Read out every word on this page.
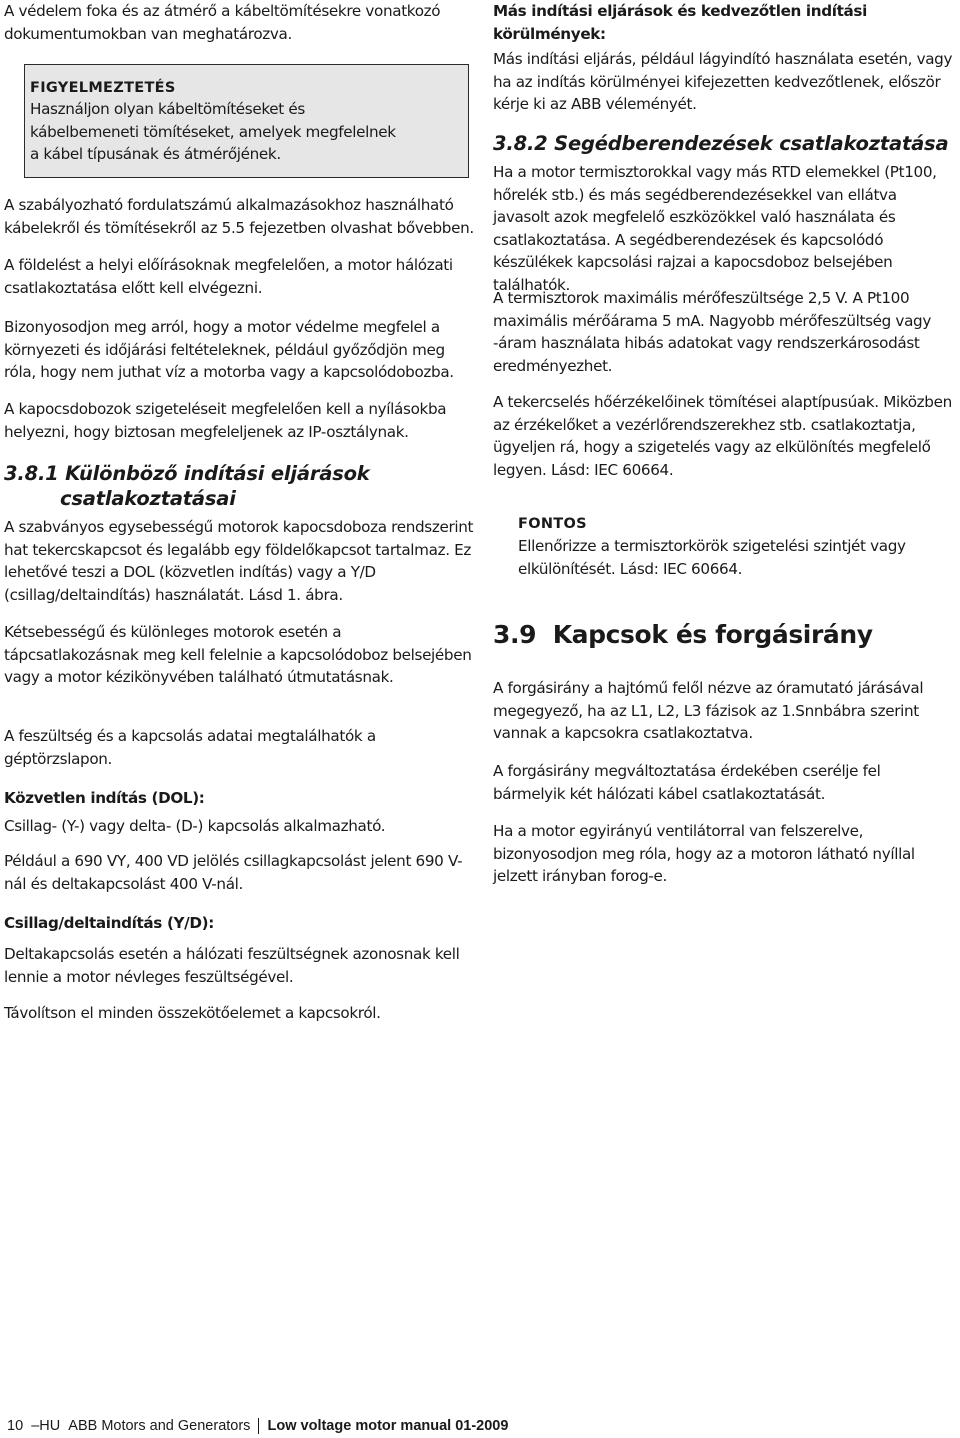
A védelem foka és az átmérő a kábeltömítésekre vonatkozó dokumentumokban van meghatározva.

FIGYELMEZTETÉS

Használjon olyan kábeltömítéseket és

kábelbemeneti tömítéseket, amelyek megfelelnek

a kábel típusának és átmérőjének.

A szabályozható fordulatszámú alkalmazásokhoz használható kábelekről és tömítésekről az 5.5 fejezetben olvashat bővebben.

A földelést a helyi előírásoknak megfelelően, a motor hálózati csatlakoztatása előtt kell elvégezni.

Bizonyosodjon meg arról, hogy a motor védelme megfelel a környezeti és időjárási feltételeknek, például győződjön meg róla, hogy nem juthat víz a motorba vagy a kapcsolódobozba.

A kapocsdobozok szigeteléseit megfelelően kell a nyílásokba helyezni, hogy biztosan megfeleljenek az IP-osztálynak.

3.8.1 Különböző indítási eljárások

csatlakoztatásai

A szabványos egysebességű motorok kapocsdoboza rendszerint hat tekercskapcsot és legalább egy földelőkapcsot tartalmaz. Ez lehetővé teszi a DOL (közvetlen indítás) vagy a Y/D (csillag/deltaindítás) használatát. Lásd 1. ábra.

Kétsebességű és különleges motorok esetén a tápcsatlakozásnak meg kell felelnie a kapcsolódoboz belsejében vagy a motor kézikönyvében található útmutatásnak.

A feszültség és a kapcsolás adatai megtalálhatók a géptörzslapon.

Közvetlen indítás (DOL):

Csillag- (Y-) vagy delta- (D-) kapcsolás alkalmazható.

Például a 690 VY, 400 VD jelölés csillagkapcsolást jelent 690 V-nál és deltakapcsolást 400 V-nál.

Csillag/deltaindítás (Y/D):

Deltakapcsolás esetén a hálózati feszültségnek azonosnak kell lennie a motor névleges feszültségével.

Távolítson el minden összekötőelemet a kapcsokról.

Más indítási eljárások és kedvezőtlen indítási körülmények:

Más indítási eljárás, például lágyindító használata esetén, vagy ha az indítás körülményei kifejezetten kedvezőtlenek, először kérje ki az ABB véleményét.

3.8.2 Segédberendezések csatlakoztatása

Ha a motor termisztorokkal vagy más RTD elemekkel (Pt100, hőrelék stb.) és más segédberendezésekkel van ellátva javasolt azok megfelelő eszközökkel való használata és csatlakoztatása. A segédberendezések és kapcsolódó készülékek kapcsolási rajzai a kapocsdoboz belsejében találhatók.

A termisztorok maximális mérőfeszültsége 2,5 V. A Pt100 maximális mérőárama 5 mA. Nagyobb mérőfeszültség vagy -áram használata hibás adatokat vagy rendszerkárosodást eredményezhet.

A tekercselés hőérzékelőinek tömítései alaptípusúak. Miközben az érzékelőket a vezérlőrendszerekhez stb. csatlakoztatja, ügyeljen rá, hogy a szigetelés vagy az elkülönítés megfelelő legyen. Lásd: IEC 60664.

FONTOS

Ellenőrizze a termisztorkörök szigetelési szintjét vagy elkülönítését. Lásd: IEC 60664.

3.9 Kapcsok és forgásirány

A forgásirány a hajtómű felől nézve az óramutató járásával megegyező, ha az L1, L2, L3 fázisok az 1.Snnbábra szerint vannak a kapcsokra csatlakoztatva.

A forgásirány megváltoztatása érdekében cserélje fel bármelyik két hálózati kábel csatlakoztatását.

Ha a motor egyirányú ventilátorral van felszerelve, bizonyosodjon meg róla, hogy az a motoron látható nyíllal jelzett irányban forog-e.

10  –HU ABB Motors and Generators Low voltage motor manual 01-2009
